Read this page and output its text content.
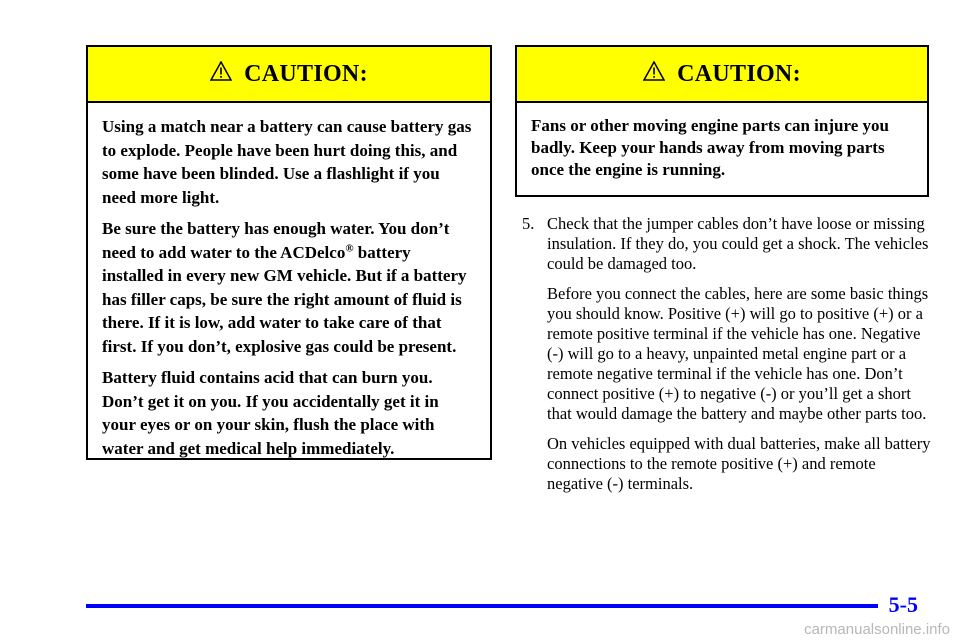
CAUTION:

Using a match near a battery can cause battery gas to explode. People have been hurt doing this, and some have been blinded. Use a flashlight if you need more light.

Be sure the battery has enough water. You don’t need to add water to the ACDelco® battery installed in every new GM vehicle. But if a battery has filler caps, be sure the right amount of fluid is there. If it is low, add water to take care of that first. If you don’t, explosive gas could be present.

Battery fluid contains acid that can burn you. Don’t get it on you. If you accidentally get it in your eyes or on your skin, flush the place with water and get medical help immediately.

CAUTION:

Fans or other moving engine parts can injure you badly. Keep your hands away from moving parts once the engine is running.

5. Check that the jumper cables don’t have loose or missing insulation. If they do, you could get a shock. The vehicles could be damaged too.

Before you connect the cables, here are some basic things you should know. Positive (+) will go to positive (+) or a remote positive terminal if the vehicle has one. Negative (-) will go to a heavy, unpainted metal engine part or a remote negative terminal if the vehicle has one. Don’t connect positive (+) to negative (-) or you’ll get a short that would damage the battery and maybe other parts too.

On vehicles equipped with dual batteries, make all battery connections to the remote positive (+) and remote negative (-) terminals.

5-5
carmanualsonline.info
